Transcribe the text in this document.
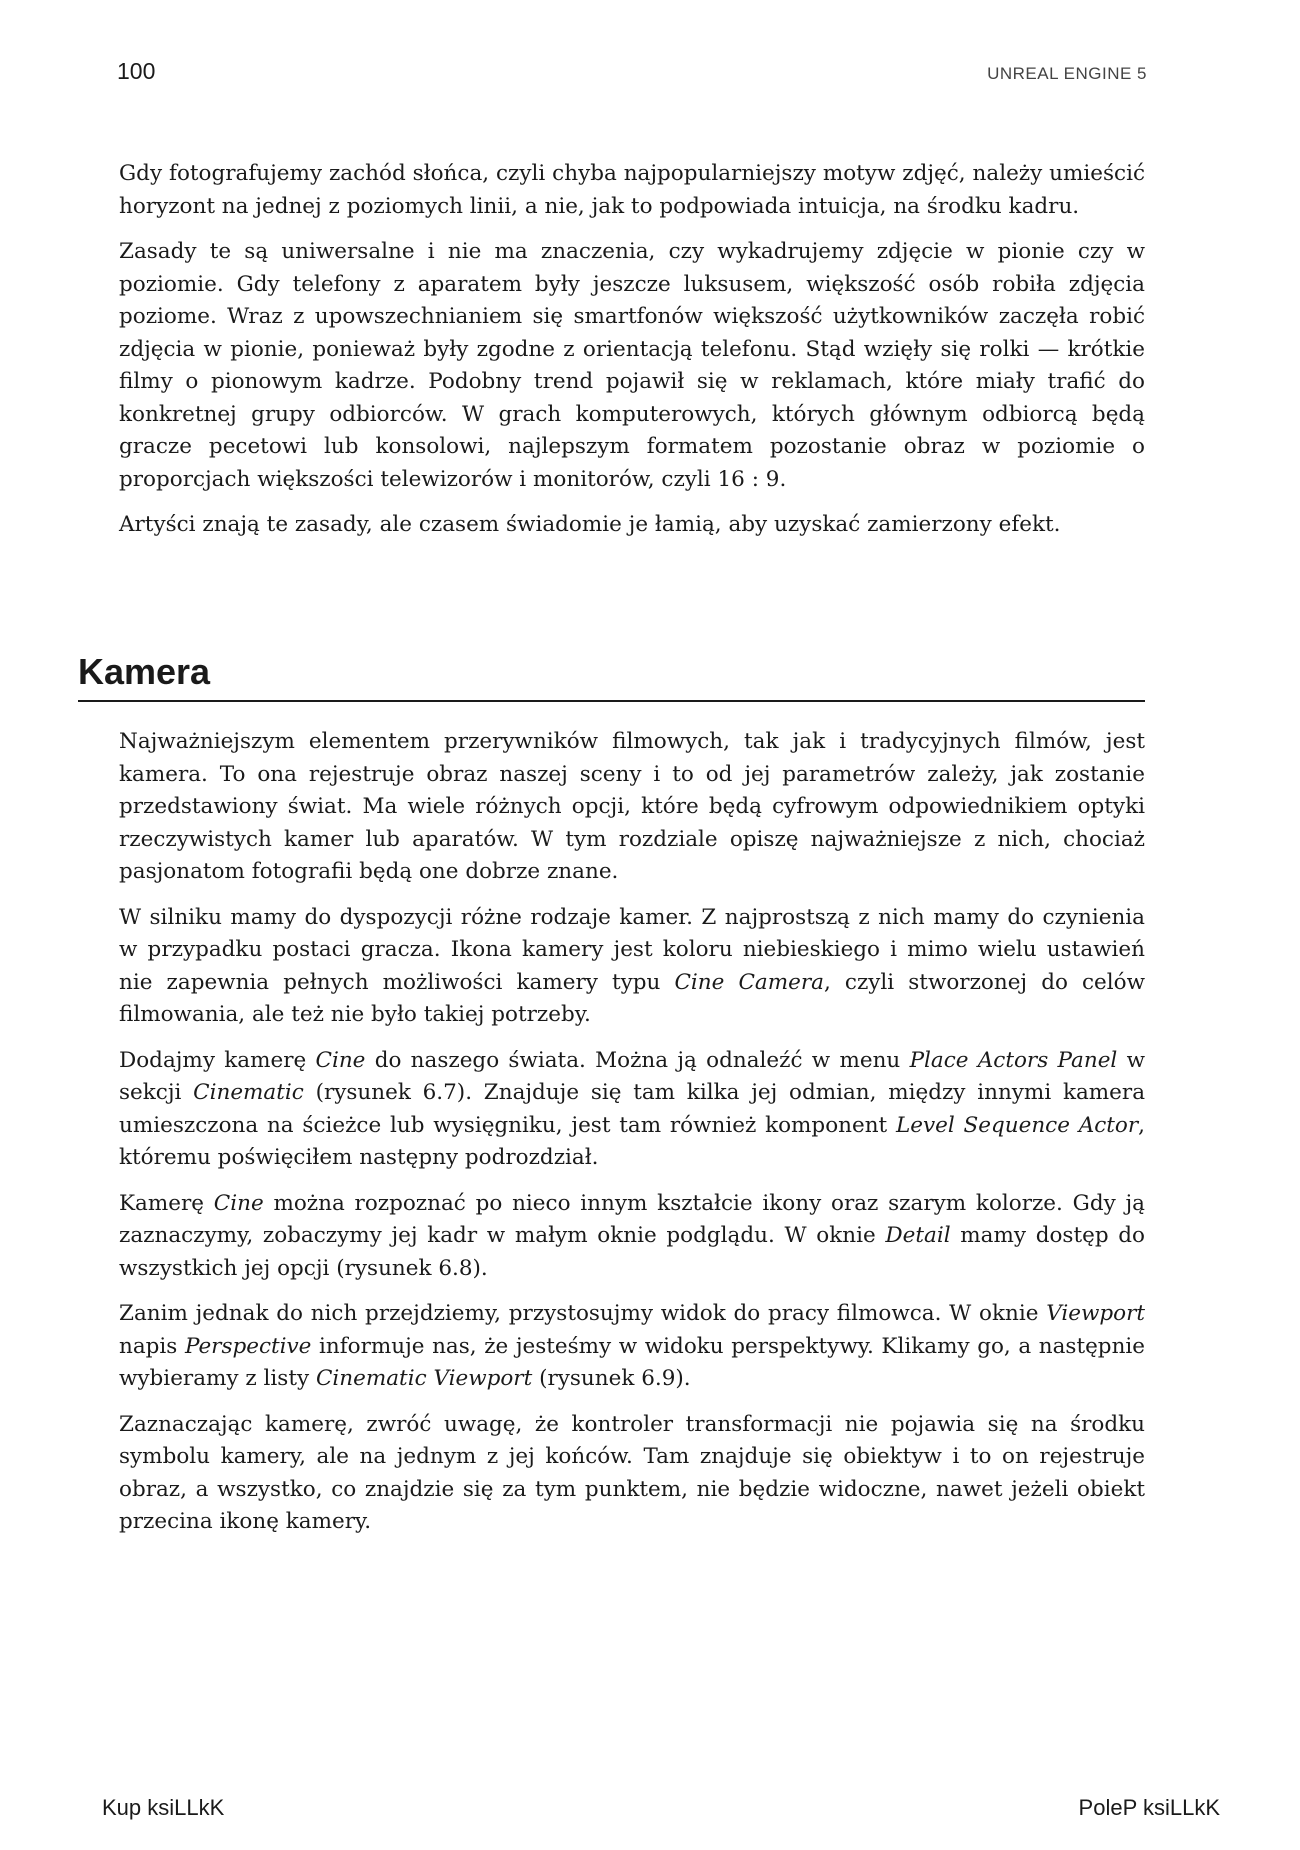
100	UNREAL ENGINE 5

Gdy fotografujemy zachód słońca, czyli chyba najpopularniejszy motyw zdjęć, należy umieścić horyzont na jednej z poziomych linii, a nie, jak to podpowiada intuicja, na środku kadru.

Zasady te są uniwersalne i nie ma znaczenia, czy wykadrujemy zdjęcie w pionie czy w poziomie. Gdy telefony z aparatem były jeszcze luksusem, większość osób robiła zdjęcia poziome. Wraz z upowszechnianiem się smartfonów większość użytkowników zaczęła robić zdjęcia w pionie, ponieważ były zgodne z orientacją telefonu. Stąd wzięły się rolki — krótkie filmy o pionowym kadrze. Podobny trend pojawił się w reklamach, które miały trafić do konkretnej grupy odbiorców. W grach komputerowych, których głównym odbiorcą będą gracze pecetowi lub konsolowi, najlepszym formatem pozostanie obraz w poziomie o proporcjach większości telewizorów i monitorów, czyli 16 : 9.

Artyści znają te zasady, ale czasem świadomie je łamią, aby uzyskać zamierzony efekt.

Kamera

Najważniejszym elementem przerywników filmowych, tak jak i tradycyjnych filmów, jest kamera. To ona rejestruje obraz naszej sceny i to od jej parametrów zależy, jak zostanie przedstawiony świat. Ma wiele różnych opcji, które będą cyfrowym odpowiednikiem optyki rzeczywistych kamer lub aparatów. W tym rozdziale opiszę najważniejsze z nich, chociaż pasjonatom fotografii będą one dobrze znane.

W silniku mamy do dyspozycji różne rodzaje kamer. Z najprostszą z nich mamy do czynienia w przypadku postaci gracza. Ikona kamery jest koloru niebieskiego i mimo wielu ustawień nie zapewnia pełnych możliwości kamery typu Cine Camera, czyli stworzonej do celów filmowania, ale też nie było takiej potrzeby.

Dodajmy kamerę Cine do naszego świata. Można ją odnaleźć w menu Place Actors Panel w sekcji Cinematic (rysunek 6.7). Znajduje się tam kilka jej odmian, między innymi kamera umieszczona na ścieżce lub wysięgniku, jest tam również komponent Level Sequence Actor, któremu poświęciłem następny podrozdział.

Kamerę Cine można rozpoznać po nieco innym kształcie ikony oraz szarym kolorze. Gdy ją zaznaczymy, zobaczymy jej kadr w małym oknie podglądu. W oknie Detail mamy dostęp do wszystkich jej opcji (rysunek 6.8).

Zanim jednak do nich przejdziemy, przystosujmy widok do pracy filmowca. W oknie Viewport napis Perspective informuje nas, że jesteśmy w widoku perspektywy. Klikamy go, a następnie wybieramy z listy Cinematic Viewport (rysunek 6.9).

Zaznaczając kamerę, zwróć uwagę, że kontroler transformacji nie pojawia się na środku symbolu kamery, ale na jednym z jej końców. Tam znajduje się obiektyw i to on rejestruje obraz, a wszystko, co znajdzie się za tym punktem, nie będzie widoczne, nawet jeżeli obiekt przecina ikonę kamery.

Kup ksiLLkK	PoleP ksiLLkK
